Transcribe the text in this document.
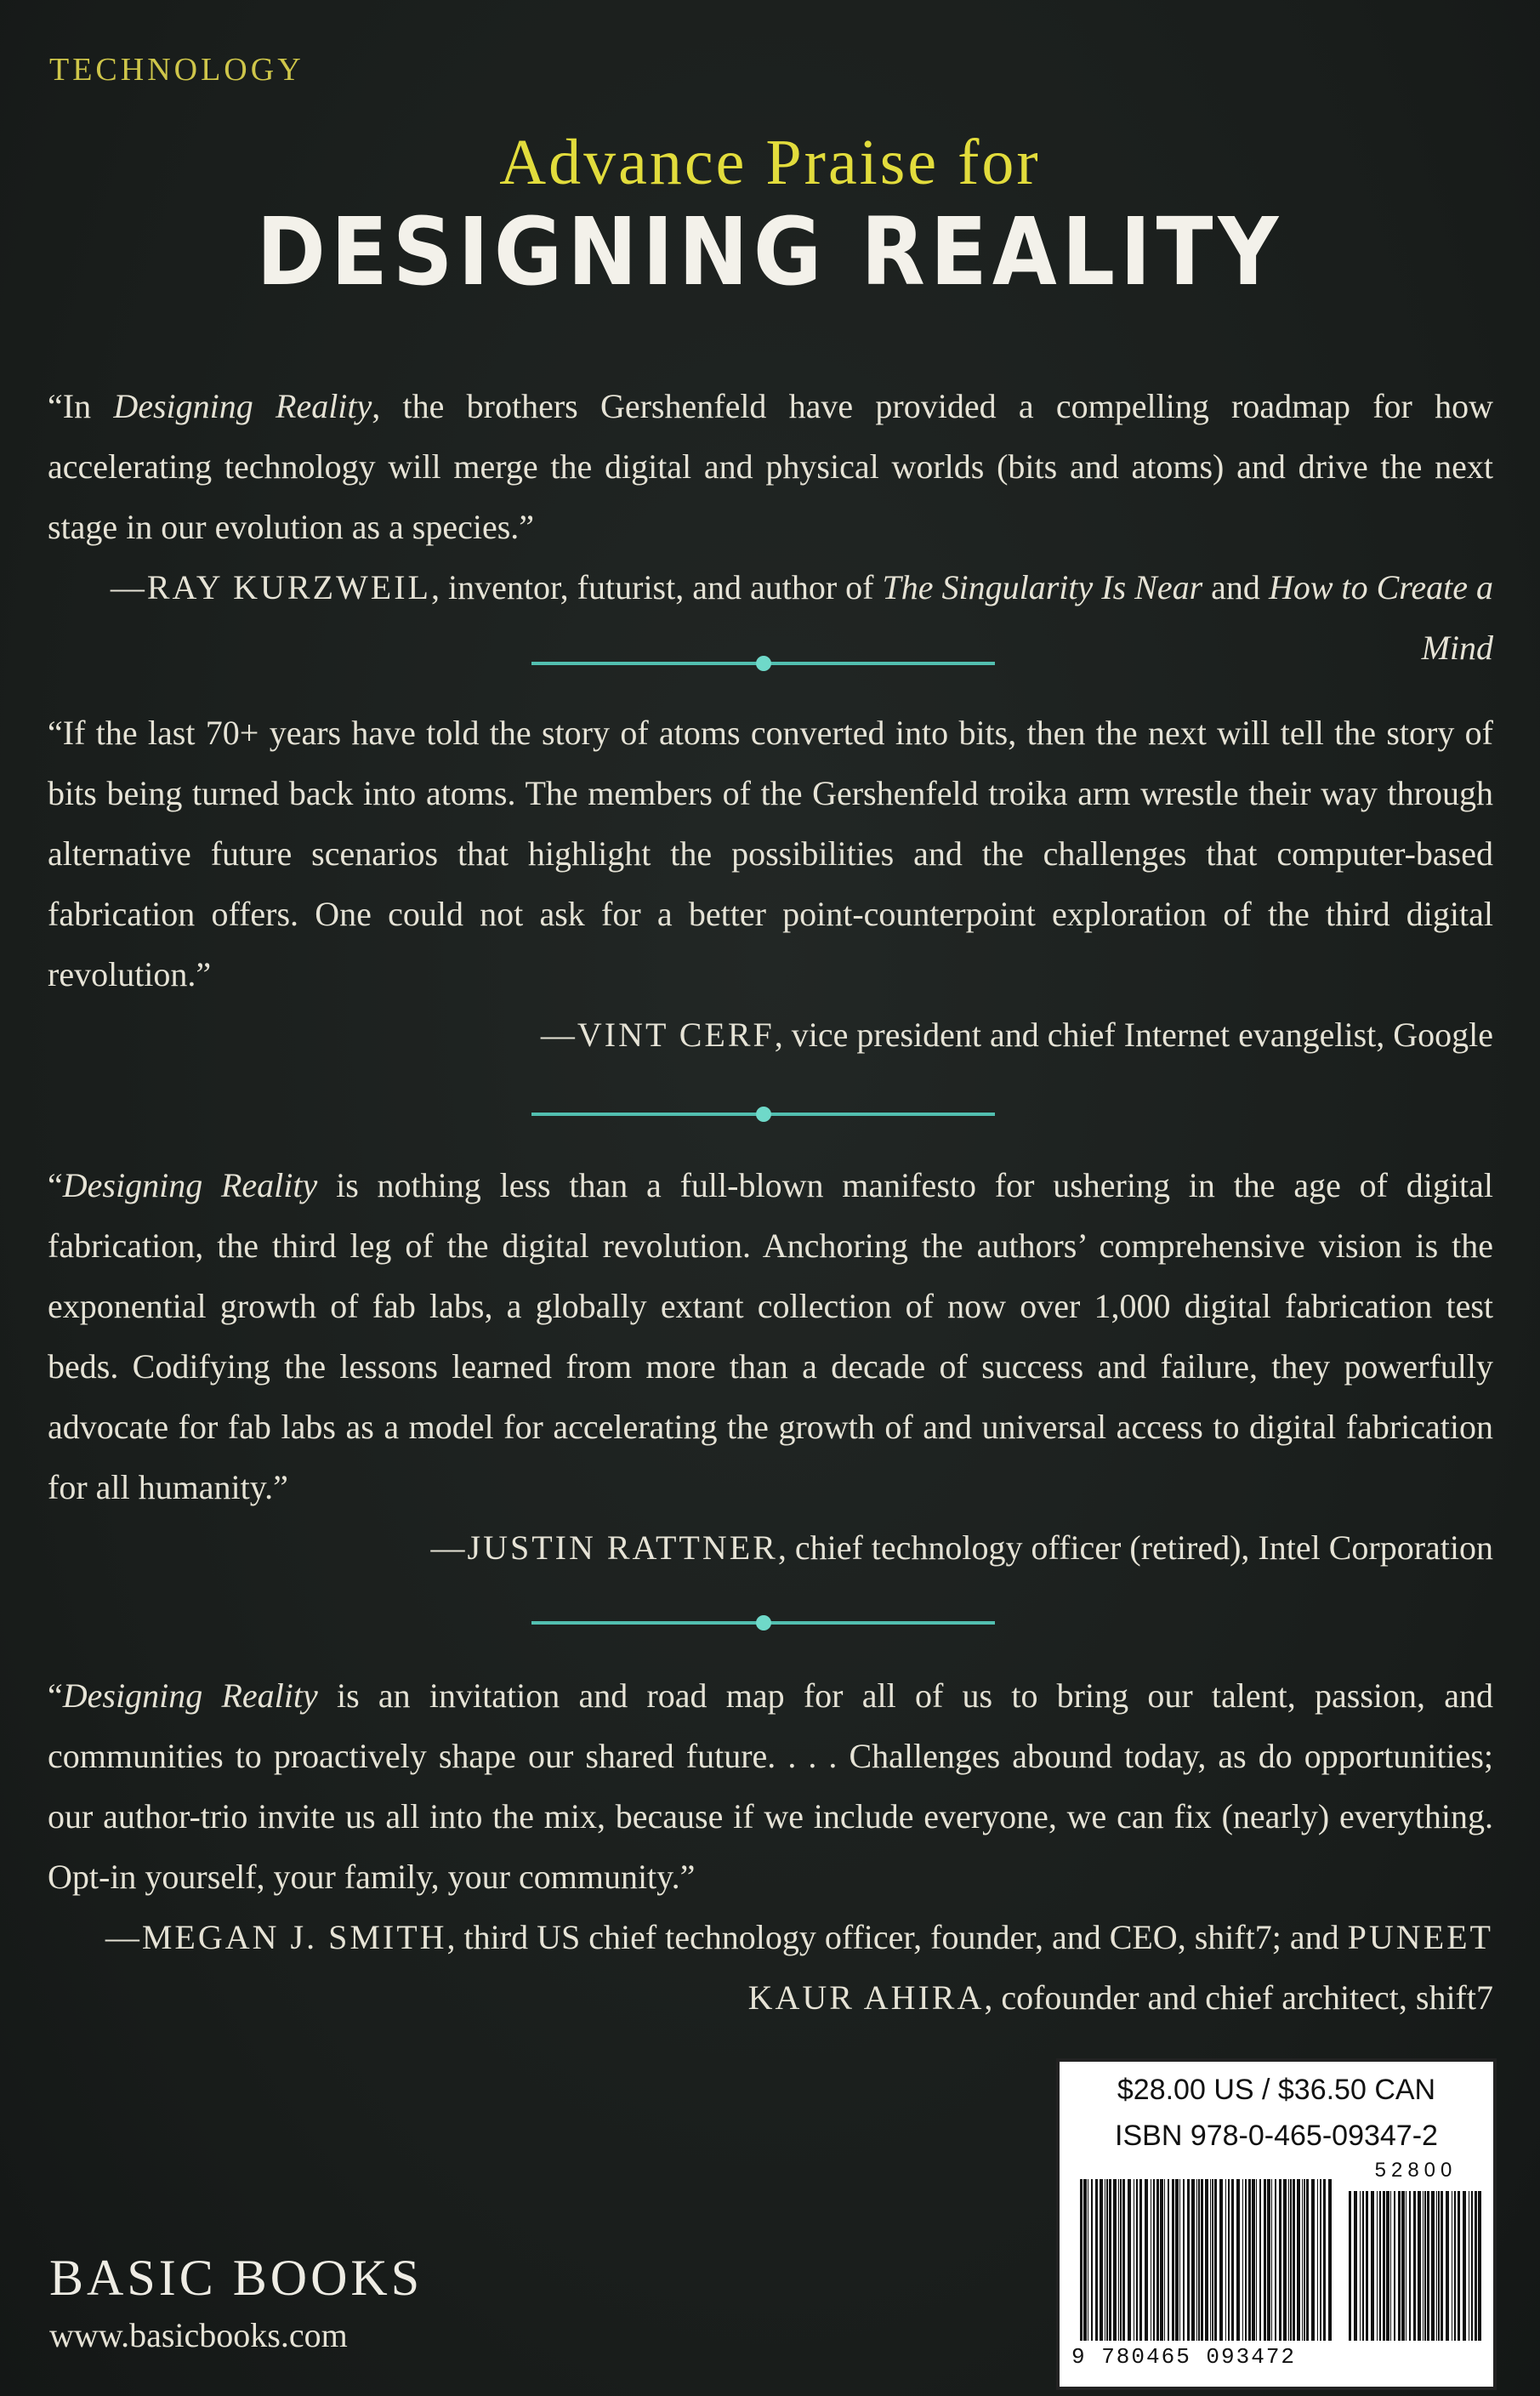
TECHNOLOGY
Advance Praise for
DESIGNING REALITY

“In Designing Reality, the brothers Gershenfeld have provided a compelling roadmap for how accelerating technology will merge the digital and physical worlds (bits and atoms) and drive the next stage in our evolution as a species.”

—RAY KURZWEIL, inventor, futurist, and author of The Singularity Is Near and How to Create a Mind

“If the last 70+ years have told the story of atoms converted into bits, then the next will tell the story of bits being turned back into atoms. The members of the Gershenfeld troika arm wrestle their way through alternative future scenarios that highlight the possibilities and the challenges that computer-based fabrication offers. One could not ask for a better point-counterpoint exploration of the third digital revolution.”

—VINT CERF, vice president and chief Internet evangelist, Google

“Designing Reality is nothing less than a full-blown manifesto for ushering in the age of digital fabrication, the third leg of the digital revolution. Anchoring the authors’ comprehensive vision is the exponential growth of fab labs, a globally extant collection of now over 1,000 digital fabrication test beds. Codifying the lessons learned from more than a decade of success and failure, they powerfully advocate for fab labs as a model for accelerating the growth of and universal access to digital fabrication for all humanity.”

—JUSTIN RATTNER, chief technology officer (retired), Intel Corporation

“Designing Reality is an invitation and road map for all of us to bring our talent, passion, and communities to proactively shape our shared future. . . . Challenges abound today, as do opportunities; our author-trio invite us all into the mix, because if we include everyone, we can fix (nearly) everything. Opt-in yourself, your family, your community.”

—MEGAN J. SMITH, third US chief technology officer, founder, and CEO, shift7; and PUNEET KAUR AHIRA, cofounder and chief architect, shift7

$28.00 US / $36.50 CAN
ISBN 978-0-465-09347-2
52800
9 780465 093472
BASIC BOOKS
www.basicbooks.com
